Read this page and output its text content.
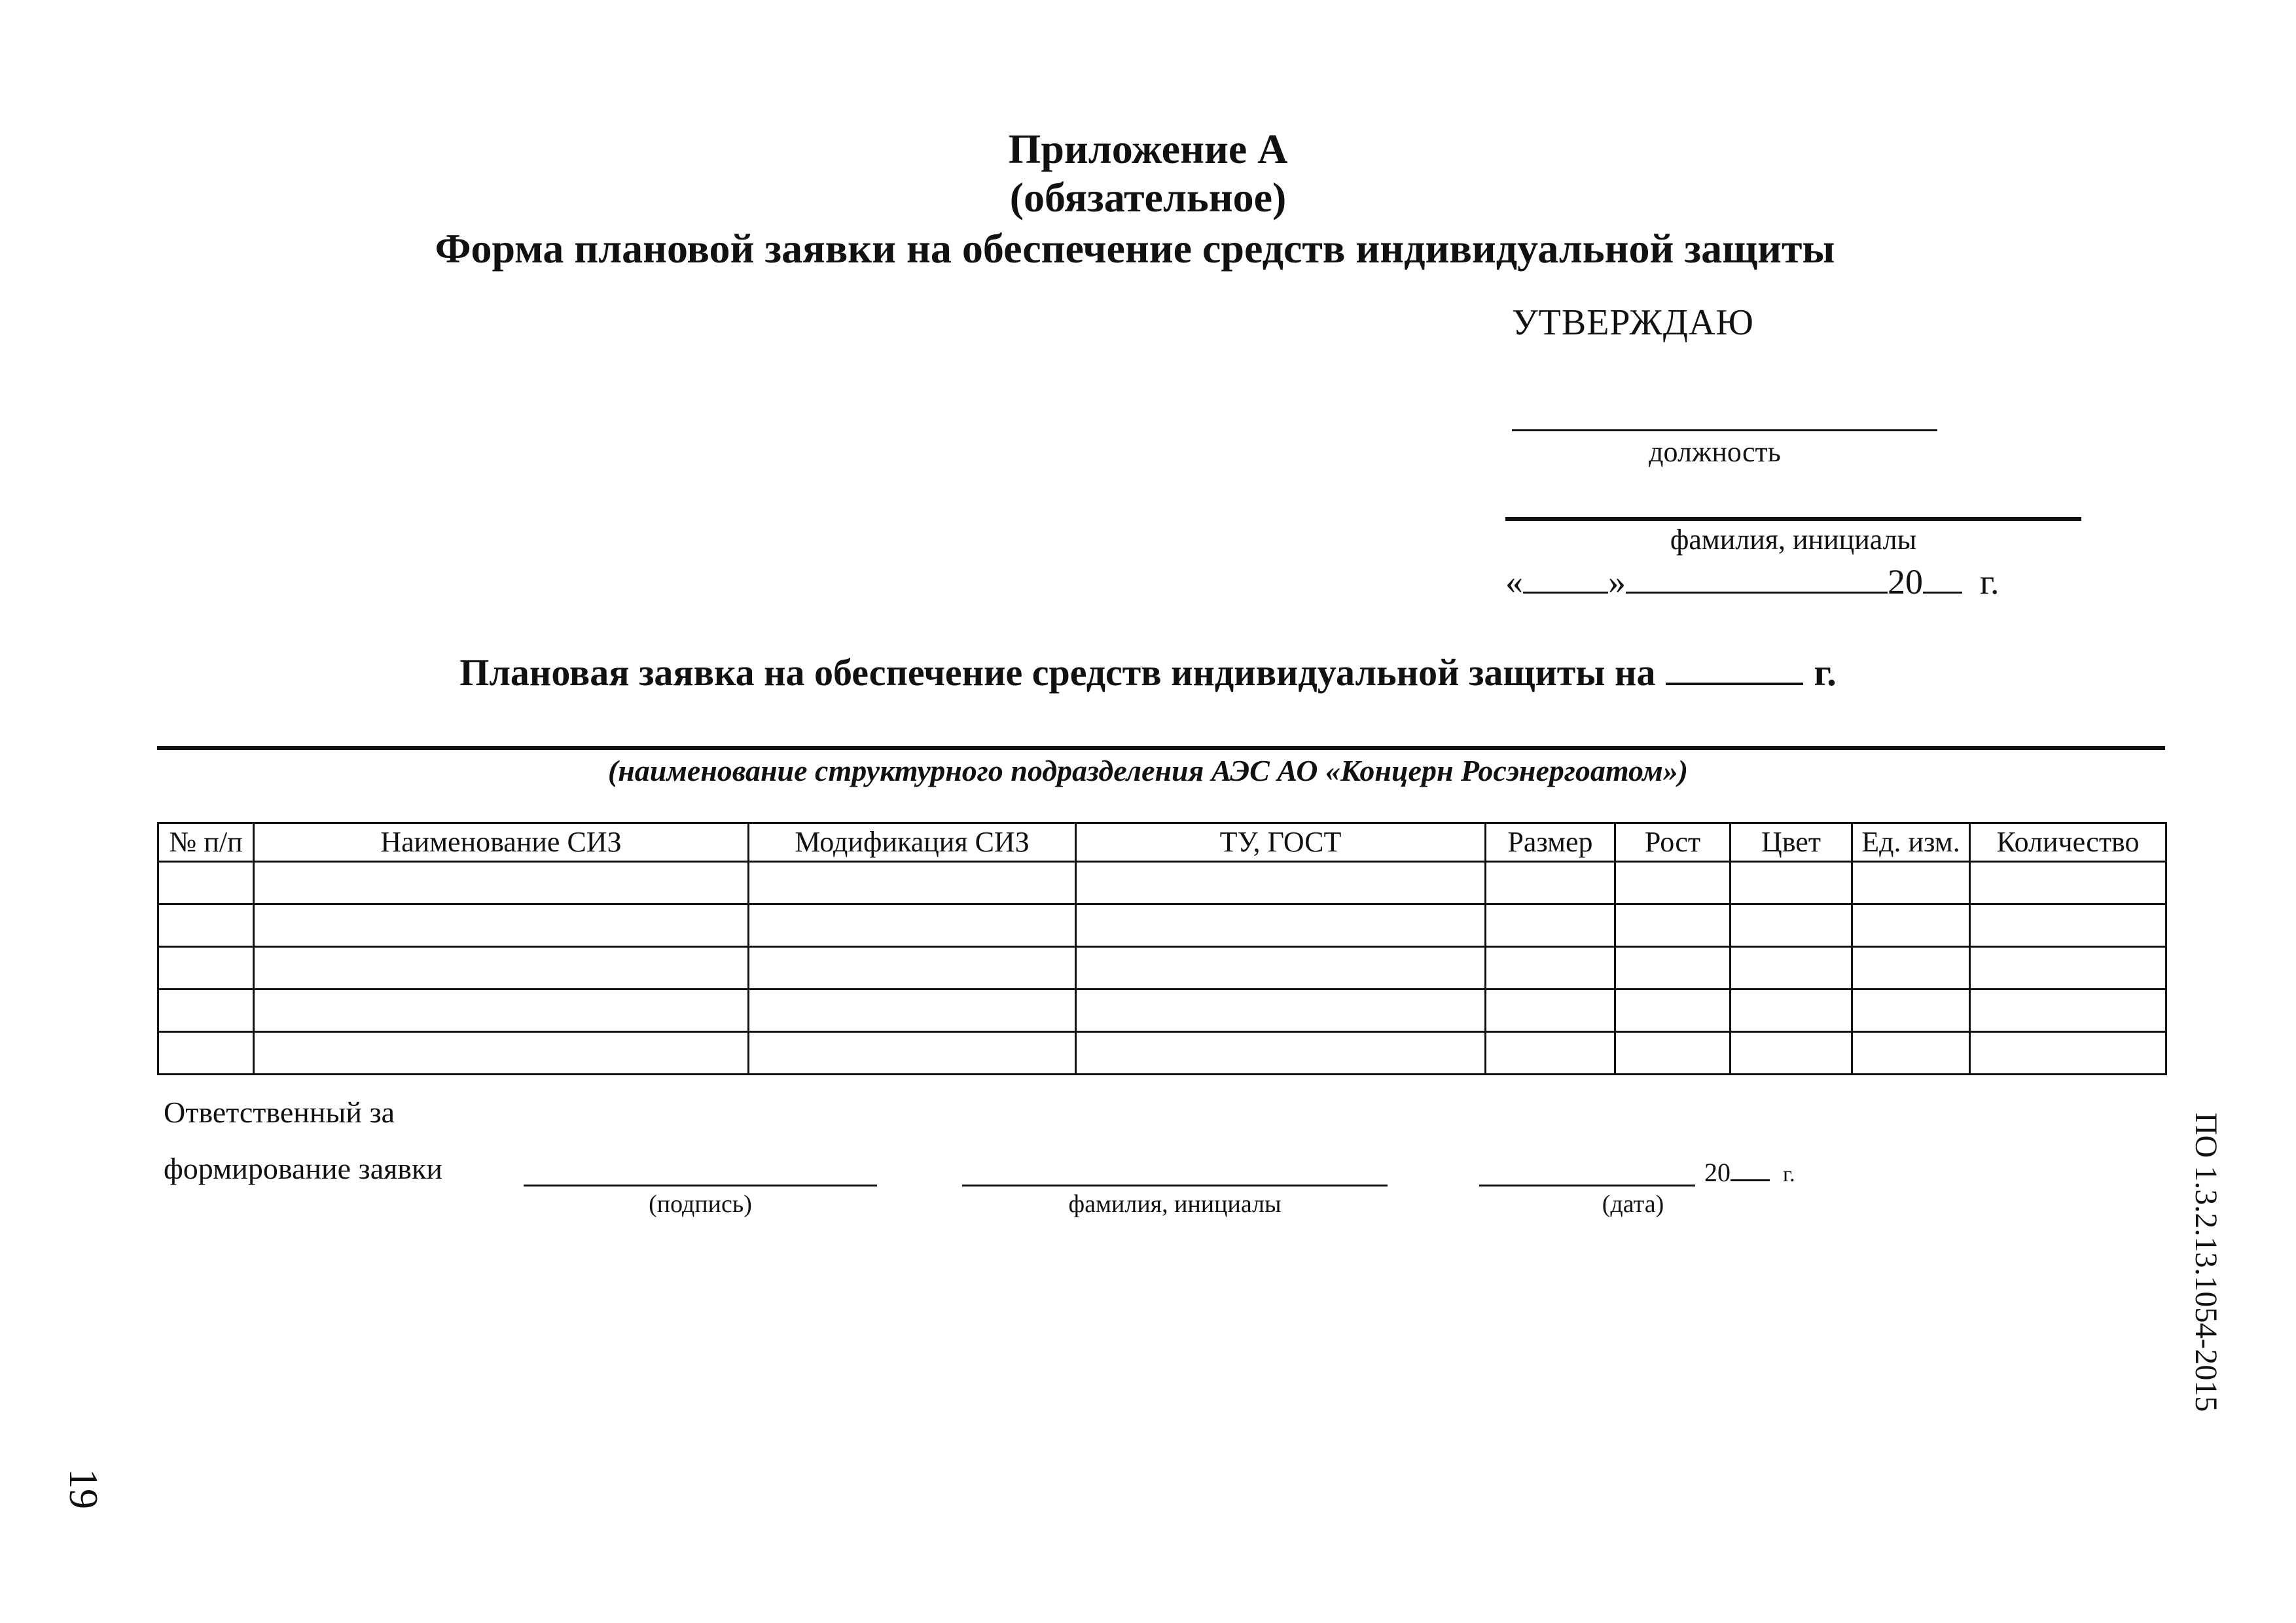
Приложение А
(обязательное)
Форма плановой заявки на обеспечение средств индивидуальной защиты
УТВЕРЖДАЮ
должность
фамилия, инициалы
« »	20 г.
Плановая заявка на обеспечение средств индивидуальной защиты на	г.
(наименование структурного подразделения АЭС АО «Концерн Росэнергоатом»)
№ п/п	Наименование СИЗ	Модификация СИЗ	ТУ, ГОСТ	Размер	Рост	Цвет	Ед. изм.	Количество

Ответственный за
формирование заявки
(подпись)	фамилия, инициалы
20 г.
(дата)	ПО 1.3.2.13.1054-2015
19
